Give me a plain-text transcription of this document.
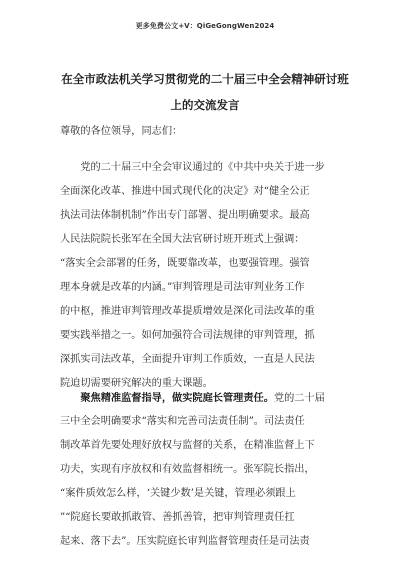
更多免费公文+V：QiGeGongWen2024
在全市政法机关学习贯彻党的二十届三中全会精神研讨班
上的交流发言
尊敬的各位领导，同志们：
　　党的二十届三中全会审议通过的《中共中央关于进一步
全面深化改革、推进中国式现代化的决定》对“健全公正
执法司法体制机制”作出专门部署、提出明确要求。最高
人民法院院长张军在全国大法官研讨班开班式上强调：
“落实全会部署的任务，既要靠改革，也要强管理。强管
理本身就是改革的内涵。”审判管理是司法审判业务工作
的中枢，推进审判管理改革提质增效是深化司法改革的重
要实践举措之一。如何加强符合司法规律的审判管理，抓
深抓实司法改革，全面提升审判工作质效，一直是人民法
院迫切需要研究解决的重大课题。
　　聚焦精准监督指导，做实院庭长管理责任。党的二十届
三中全会明确要求“落实和完善司法责任制”。司法责任
制改革首先要处理好放权与监督的关系，在精准监督上下
功夫，实现有序放权和有效监督相统一。张军院长指出，
“案件质效怎么样，‘关键少数’是关键，管理必须跟上
”“院庭长要敢抓敢管、善抓善管，把审判管理责任扛
起来、落下去”。压实院庭长审判监督管理责任是司法责
